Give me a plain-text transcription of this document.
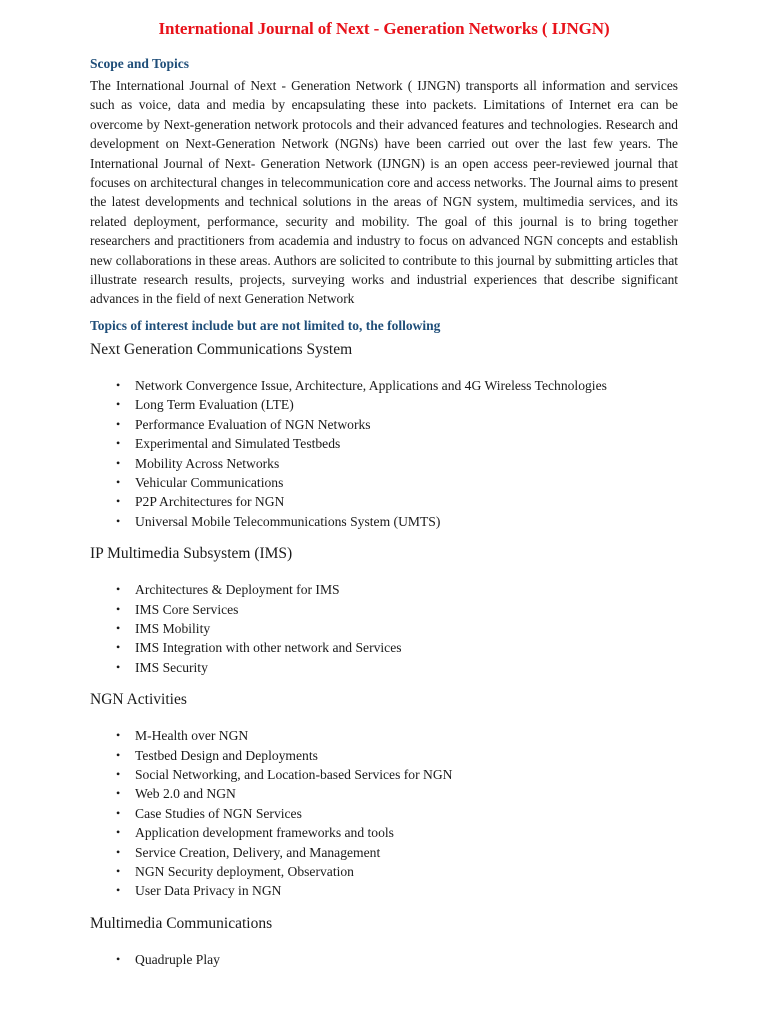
International Journal of Next - Generation Networks ( IJNGN)
Scope and Topics

The International Journal of Next - Generation Network ( IJNGN) transports all information and services such as voice, data and media by encapsulating these into packets. Limitations of Internet era can be overcome by Next-generation network protocols and their advanced features and technologies. Research and development on Next-Generation Network (NGNs) have been carried out over the last few years. The International Journal of Next- Generation Network (IJNGN) is an open access peer-reviewed journal that focuses on architectural changes in telecommunication core and access networks. The Journal aims to present the latest developments and technical solutions in the areas of NGN system, multimedia services, and its related deployment, performance, security and mobility. The goal of this journal is to bring together researchers and practitioners from academia and industry to focus on advanced NGN concepts and establish new collaborations in these areas. Authors are solicited to contribute to this journal by submitting articles that illustrate research results, projects, surveying works and industrial experiences that describe significant advances in the field of next Generation Network

Topics of interest include but are not limited to, the following
Next Generation Communications System
• Network Convergence Issue, Architecture, Applications and 4G Wireless Technologies
• Long Term Evaluation (LTE)
• Performance Evaluation of NGN Networks
• Experimental and Simulated Testbeds
• Mobility Across Networks
• Vehicular Communications
• P2P Architectures for NGN
• Universal Mobile Telecommunications System (UMTS)
IP Multimedia Subsystem (IMS)
• Architectures & Deployment for IMS
• IMS Core Services
• IMS Mobility
• IMS Integration with other network and Services
• IMS Security
NGN Activities
• M-Health over NGN
• Testbed Design and Deployments
• Social Networking, and Location-based Services for NGN
• Web 2.0 and NGN
• Case Studies of NGN Services
• Application development frameworks and tools
• Service Creation, Delivery, and Management
• NGN Security deployment, Observation
• User Data Privacy in NGN
Multimedia Communications
• Quadruple Play
